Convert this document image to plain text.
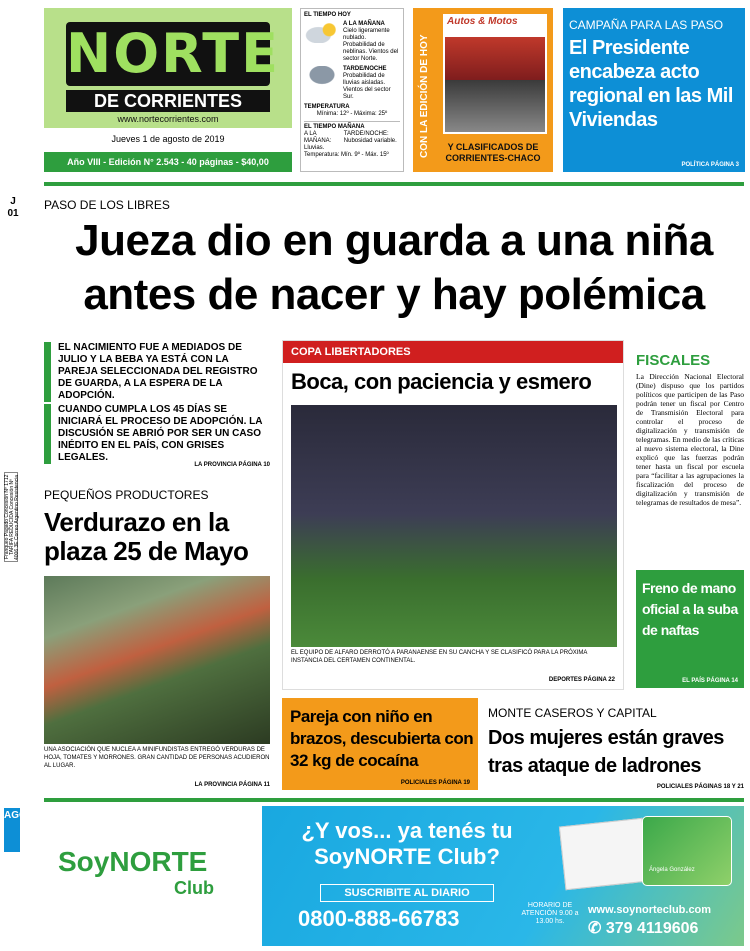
NORTE
DE CORRIENTES
www.nortecorrientes.com
Jueves 1 de agosto de 2019
Año VIII - Edición N° 2.543 - 40 páginas - $40,00
EL TIEMPO HOY
A LA MAÑANA
Cielo ligeramente nublado. Probabilidad de neblinas. Vientos del sector Norte.
TARDE/NOCHE
Probabilidad de lluvias aisladas. Vientos del sector Sur.
TEMPERATURA
Mínima: 12º - Máxima: 25º
EL TIEMPO MAÑANA
A LA MAÑANA: Lluvias.
TARDE/NOCHE: Nubosidad variable.
Temperatura: Mín. 9º - Máx. 15º	CON LA EDICIÓN DE HOY
Autos & Motos
Y CLASIFICADOS DE CORRIENTES-CHACO
CAMPAÑA PARA LAS PASO
El Presidente encabeza acto regional en las Mil Viviendas
POLÍTICA PÁGINA 3
J 01
PASO DE LOS LIBRES
Jueza dio en guarda a una niña antes de nacer y hay polémica
EL NACIMIENTO FUE A MEDIADOS DE JULIO Y LA BEBA YA ESTÁ CON LA PAREJA SELECCIONADA DEL REGISTRO DE GUARDA, A LA ESPERA DE LA ADOPCIÓN.
CUANDO CUMPLA LOS 45 DÍAS SE INICIARÁ EL PROCESO DE ADOPCIÓN. LA DISCUSIÓN SE ABRIÓ POR SER UN CASO INÉDITO EN EL PAÍS, CON GRISES LEGALES.
LA PROVINCIA PÁGINA 10
Franqueo Pagado Concesión Nº 1712 TARIFA REDUCIDA Concesión Nº 4006 3E Correo Argentino Resistencia PEQUEÑOS PRODUCTORES
Verdurazo en la plaza 25 de Mayo
UNA ASOCIACIÓN QUE NUCLEA A MINIFUNDISTAS ENTREGÓ VERDURAS DE HOJA, TOMATES Y MORRONES. GRAN CANTIDAD DE PERSONAS ACUDIERON AL LUGAR.
LA PROVINCIA PÁGINA 11
COPA LIBERTADORES
Boca, con paciencia y esmero
EL EQUIPO DE ALFARO DERROTÓ A PARANAENSE EN SU CANCHA Y SE CLASIFICÓ PARA LA PRÓXIMA INSTANCIA DEL CERTAMEN CONTINENTAL.
DEPORTES PÁGINA 22
FISCALES
La Dirección Nacional Electoral (Dine) dispuso que los partidos políticos que participen de las Paso podrán tener un fiscal por Centro de Transmisión Electoral para controlar el proceso de digitalización y transmisión de telegramas. En medio de las críticas al nuevo sistema electoral, la Dine explicó que las fuerzas podrán tener hasta un fiscal por escuela para “facilitar a las agrupaciones la fiscalización del proceso de digitalización y transmisión de telegramas de resultados de mesa”.
Freno de mano oficial a la suba de naftas
EL PAÍS PÁGINA 14
Pareja con niño en brazos, descubierta con 32 kg de cocaína
POLICIALES PÁGINA 19
MONTE CASEROS Y CAPITAL
Dos mujeres están graves tras ataque de ladrones
POLICIALES PÁGINAS 18 Y 21
AGO
SoyNORTE
Club
¿Y vos... ya tenés tu SoyNORTE Club?
SUSCRIBITE AL DIARIO
0800-888-66783
HORARIO DE ATENCIÓN 9.00 a 13.00 hs.
www.soynorteclub.com
✆ 379 4119606
Ángela González
